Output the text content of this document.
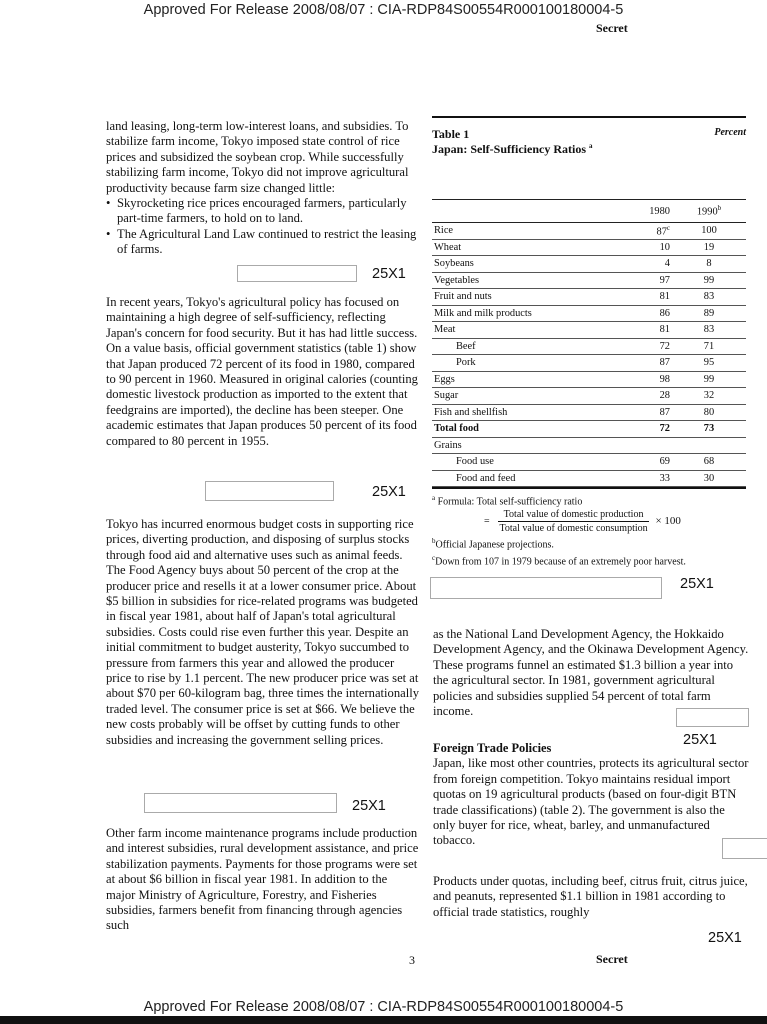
Approved For Release 2008/08/07 : CIA-RDP84S00554R000100180004-5
Secret

land leasing, long-term low-interest loans, and subsidies. To stabilize farm income, Tokyo imposed state control of rice prices and subsidized the soybean crop. While successfully stabilizing farm income, Tokyo did not improve agricultural productivity because farm size changed little:

• Skyrocketing rice prices encouraged farmers, particularly part-time farmers, to hold on to land.
• The Agricultural Land Law continued to restrict the leasing of farms.
25X1

In recent years, Tokyo's agricultural policy has focused on maintaining a high degree of self-sufficiency, reflecting Japan's concern for food security. But it has had little success. On a value basis, official government statistics (table 1) show that Japan produced 72 percent of its food in 1980, compared to 90 percent in 1960. Measured in original calories (counting domestic livestock production as imported to the extent that feedgrains are imported), the decline has been steeper. One academic estimates that Japan produces 50 percent of its food compared to 80 percent in 1955.

25X1

Tokyo has incurred enormous budget costs in supporting rice prices, diverting production, and disposing of surplus stocks through food aid and alternative uses such as animal feeds. The Food Agency buys about 50 percent of the crop at the producer price and resells it at a lower consumer price. About $5 billion in subsidies for rice-related programs was budgeted in fiscal year 1981, about half of Japan's total agricultural subsidies. Costs could rise even further this year. Despite an initial commitment to budget austerity, Tokyo succumbed to pressure from farmers this year and allowed the producer price to rise by 1.1 percent. The new producer price was set at about $70 per 60-kilogram bag, three times the internationally traded level. The consumer price is set at $66. We believe the new costs probably will be offset by cutting funds to other subsidies and increasing the government selling prices.

25X1

Other farm income maintenance programs include production and interest subsidies, rural development assistance, and price stabilization payments. Payments for those programs were set at about $6 billion in fiscal year 1981. In addition to the major Ministry of Agriculture, Forestry, and Fisheries subsidies, farmers benefit from financing through agencies such

Table 1	Percent
Japan: Self-Sufficiency Ratios $^a$
	1980	1990$^b$
Rice	87$^c$	100
Wheat	10	19
Soybeans	4	8
Vegetables	97	99
Fruit and nuts	81	83
Milk and milk products	86	89
Meat	81	83
Beef	72	71
Pork	87	95
Eggs	98	99
Sugar	28	32
Fish and shellfish	87	80
Total food	72	73
Grains		
Food use	69	68
Food and feed	33	30
$^a$ Formula: Total self-sufficiency ratio
=
Total value of domestic production
Total value of domestic consumption
× 100
$^b$Official Japanese projections.
$^c$Down from 107 in 1979 because of an extremely poor harvest.
25X1

as the National Land Development Agency, the Hokkaido Development Agency, and the Okinawa Development Agency. These programs funnel an estimated $1.3 billion a year into the agricultural sector. In 1981, government agricultural policies and subsidies supplied 54 percent of total farm income.

25X1
Foreign Trade Policies

Japan, like most other countries, protects its agricultural sector from foreign competition. Tokyo maintains residual import quotas on 19 agricultural products (based on four-digit BTN trade classifications) (table 2). The government is also the only buyer for rice, wheat, barley, and unmanufactured tobacco.

Products under quotas, including beef, citrus fruit, citrus juice, and peanuts, represented $1.1 billion in 1981 according to official trade statistics, roughly

25X1
3	Secret
Approved For Release 2008/08/07 : CIA-RDP84S00554R000100180004-5
